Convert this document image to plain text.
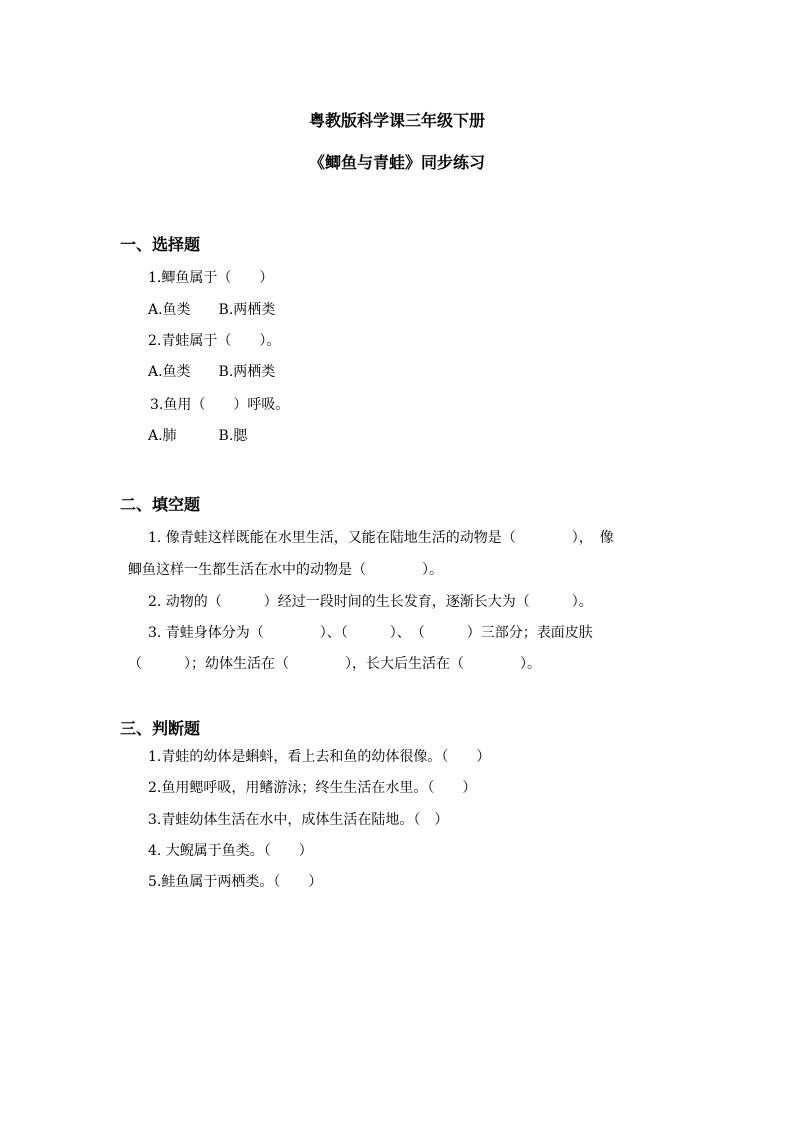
粤教版科学课三年级下册
《鲫鱼与青蛙》同步练习
一、选择题
1.鲫鱼属于（　　）
A.鱼类　　B.两栖类
2.青蛙属于（　　）。
A.鱼类　　B.两栖类
3.鱼用（　　）呼吸。
A.肺　　　B.腮
二、填空题
1. 像青蛙这样既能在水里生活，又能在陆地生活的动物是（　　　　），　像
鲫鱼这样一生都生活在水中的动物是（　　　　）。
2. 动物的（　　　）经过一段时间的生长发育，逐渐长大为（　　　）。
3. 青蛙身体分为（　　　　）、（　　　）、　（　　　）三部分；表面皮肤
（　　　）；幼体生活在（　　　　），长大后生活在（　　　　）。
三、判断题
1.青蛙的幼体是蝌蚪，看上去和鱼的幼体很像。（　　）
2.鱼用鳃呼吸，用鳍游泳；终生生活在水里。（　　）
3.青蛙幼体生活在水中，成体生活在陆地。（　）
4. 大鲵属于鱼类。（　　）
5.鲑鱼属于两栖类。（　　）
